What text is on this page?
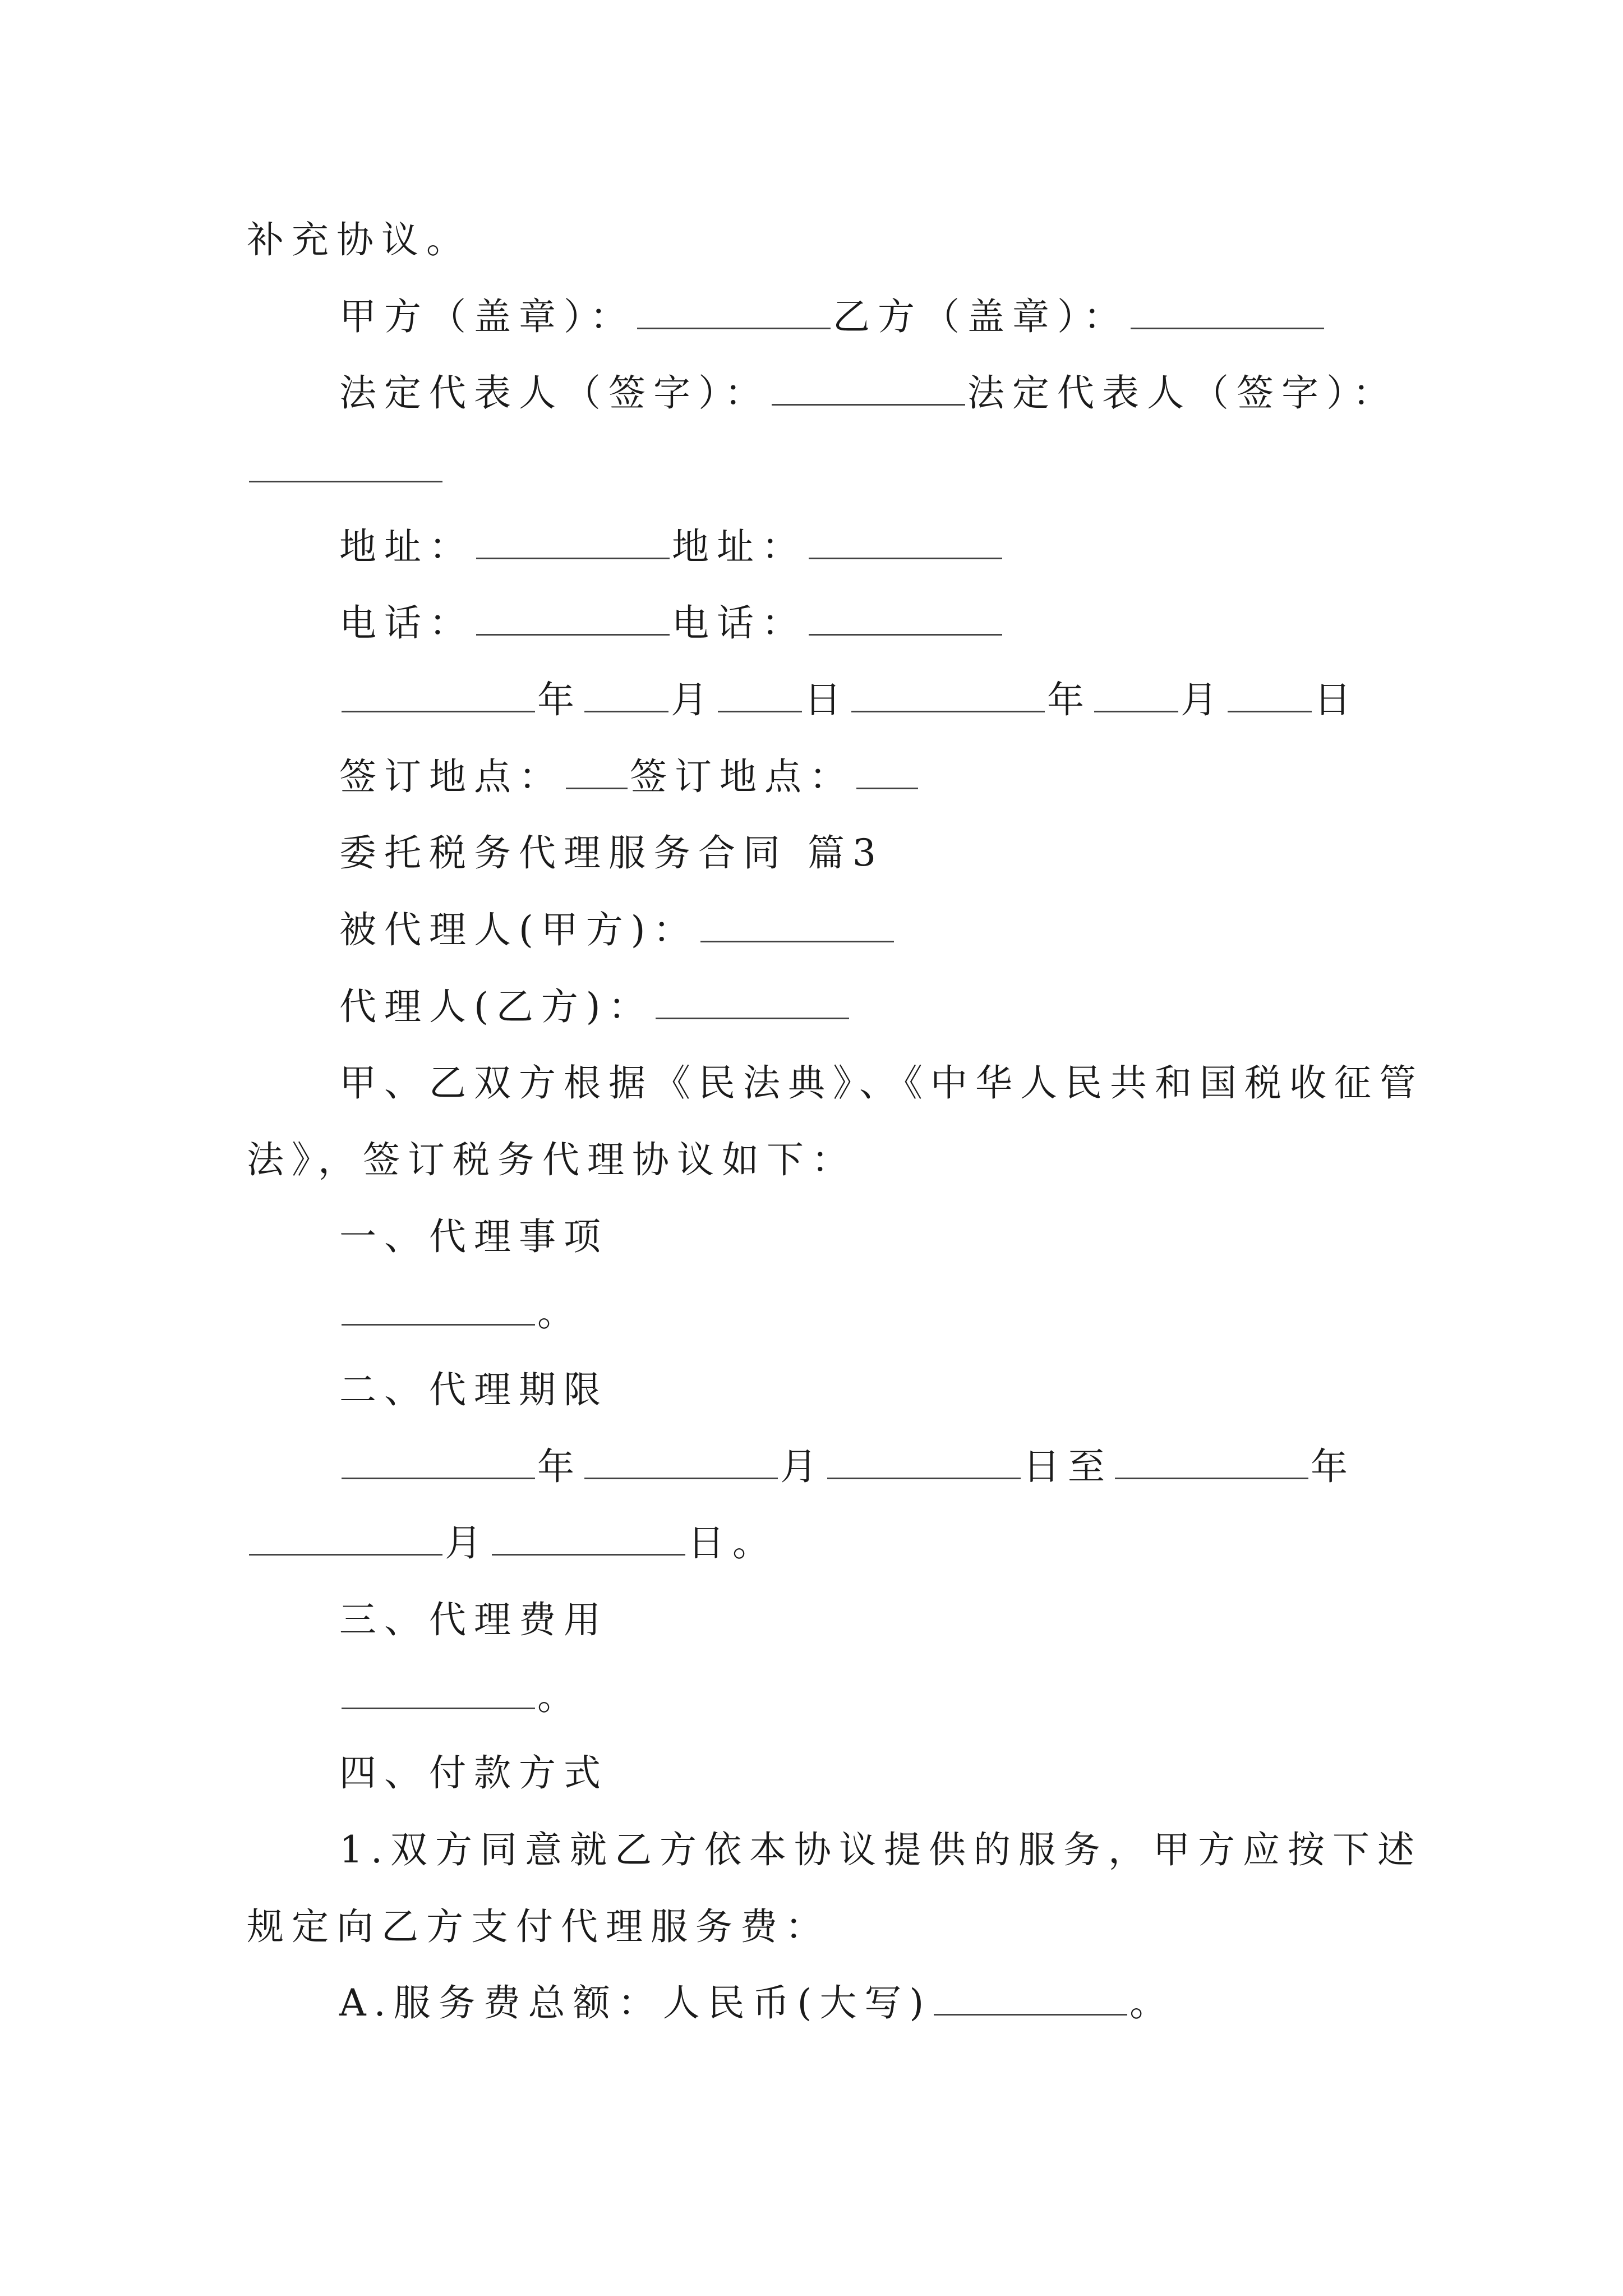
补充协议。
甲方（盖章）：	乙方（盖章）：
法定代表人（签字）：	法定代表人（签字）：
地址：	地址：
电话：	电话：
年 月 日	年 月 日
签订地点： 签订地点：
委托税务代理服务合同 篇3
被代理人(甲方)：
代理人(乙方)：
甲、乙双方根据《民法典》、《中华人民共和国税收征管
法》，签订税务代理协议如下：
一、代理事项
。
二、代理期限
年	月	日至	年
月	日。
三、代理费用
。
四、付款方式
1.双方同意就乙方依本协议提供的服务，甲方应按下述
规定向乙方支付代理服务费：
A.服务费总额：人民币(大写)	。
